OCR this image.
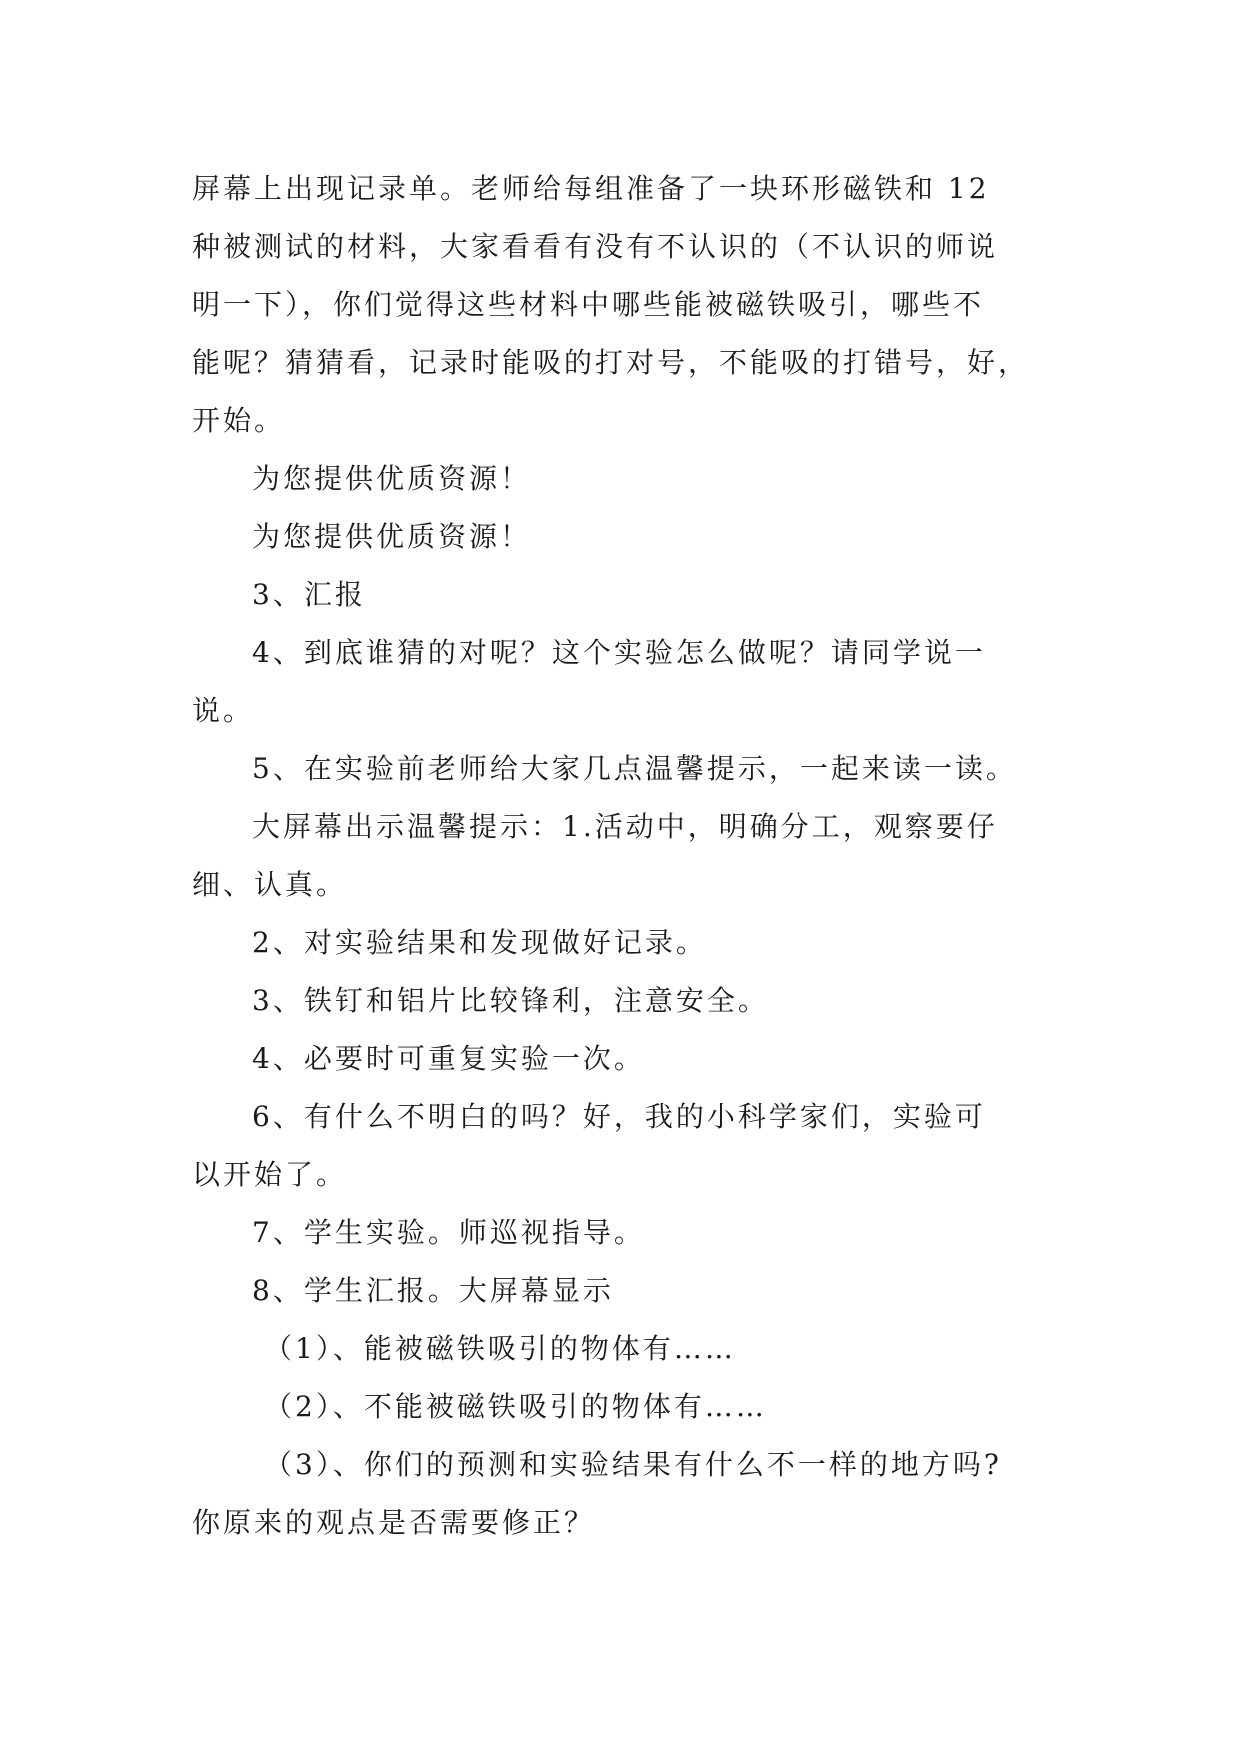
屏幕上出现记录单。老师给每组准备了一块环形磁铁和 12

种被测试的材料，大家看看有没有不认识的（不认识的师说

明一下），你们觉得这些材料中哪些能被磁铁吸引，哪些不

能呢？猜猜看，记录时能吸的打对号，不能吸的打错号，好，

开始。

为您提供优质资源！

为您提供优质资源！

3、汇报

4、到底谁猜的对呢？这个实验怎么做呢？请同学说一

说。

5、在实验前老师给大家几点温馨提示，一起来读一读。

大屏幕出示温馨提示：1.活动中，明确分工，观察要仔

细、认真。

2、对实验结果和发现做好记录。

3、铁钉和铝片比较锋利，注意安全。

4、必要时可重复实验一次。

6、有什么不明白的吗？好，我的小科学家们，实验可

以开始了。

7、学生实验。师巡视指导。

8、学生汇报。大屏幕显示

（1）、能被磁铁吸引的物体有……

（2）、不能被磁铁吸引的物体有……

（3）、你们的预测和实验结果有什么不一样的地方吗?

你原来的观点是否需要修正？
